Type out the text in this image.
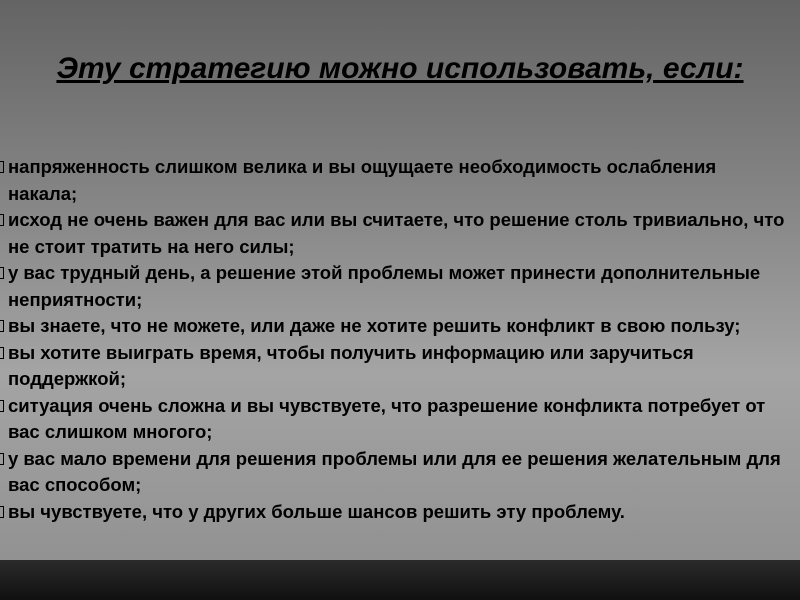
Эту стратегию можно использовать, если:
напряженность слишком велика и вы ощущаете необходимость ослабления накала;
исход не очень важен для вас или вы считаете, что решение столь тривиально, что не стоит тратить на него силы;
у вас трудный день, а решение этой проблемы может принести дополнительные неприятности;
вы знаете, что не можете, или даже не хотите решить конфликт в свою пользу;
вы хотите выиграть время, чтобы получить информацию или заручиться поддержкой;
ситуация очень сложна и вы чувствуете, что разрешение конфликта потребует от вас слишком многого;
у вас мало времени для решения проблемы или для ее решения желательным для вас способом;
вы чувствуете, что у других больше шансов решить эту проблему.
